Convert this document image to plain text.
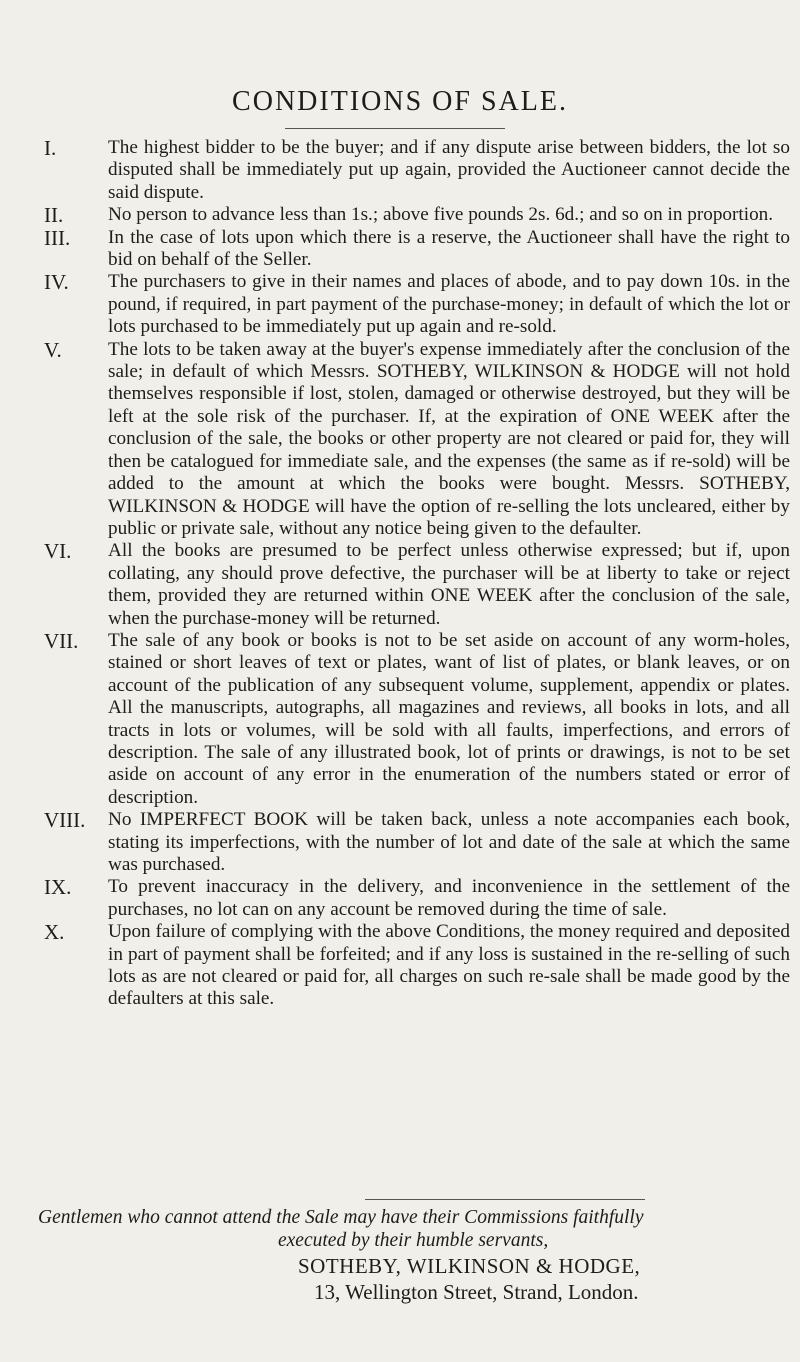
CONDITIONS OF SALE.
I.	The highest bidder to be the buyer; and if any dispute arise between bidders, the lot so disputed shall be immediately put up again, provided the Auctioneer cannot decide the said dispute.
II.	No person to advance less than 1s.; above five pounds 2s. 6d.; and so on in proportion.
III.	In the case of lots upon which there is a reserve, the Auctioneer shall have the right to bid on behalf of the Seller.
IV.	The purchasers to give in their names and places of abode, and to pay down 10s. in the pound, if required, in part payment of the purchase-money; in default of which the lot or lots purchased to be immediately put up again and re-sold.
V.	The lots to be taken away at the buyer's expense immediately after the conclusion of the sale; in default of which Messrs. SOTHEBY, WILKINSON & HODGE will not hold themselves responsible if lost, stolen, damaged or otherwise destroyed, but they will be left at the sole risk of the purchaser. If, at the expiration of ONE WEEK after the conclusion of the sale, the books or other property are not cleared or paid for, they will then be catalogued for immediate sale, and the expenses (the same as if re-sold) will be added to the amount at which the books were bought. Messrs. SOTHEBY, WILKINSON & HODGE will have the option of re-selling the lots uncleared, either by public or private sale, without any notice being given to the defaulter.
VI.	All the books are presumed to be perfect unless otherwise expressed; but if, upon collating, any should prove defective, the purchaser will be at liberty to take or reject them, provided they are returned within ONE WEEK after the conclusion of the sale, when the purchase-money will be returned.
VII.	The sale of any book or books is not to be set aside on account of any worm-holes, stained or short leaves of text or plates, want of list of plates, or blank leaves, or on account of the publication of any subsequent volume, supplement, appendix or plates. All the manuscripts, autographs, all magazines and reviews, all books in lots, and all tracts in lots or volumes, will be sold with all faults, imperfections, and errors of description. The sale of any illustrated book, lot of prints or drawings, is not to be set aside on account of any error in the enumeration of the numbers stated or error of description.
VIII.	No IMPERFECT BOOK will be taken back, unless a note accompanies each book, stating its imperfections, with the number of lot and date of the sale at which the same was purchased.
IX.	To prevent inaccuracy in the delivery, and inconvenience in the settlement of the purchases, no lot can on any account be removed during the time of sale.
X.	Upon failure of complying with the above Conditions, the money required and deposited in part of payment shall be forfeited; and if any loss is sustained in the re-selling of such lots as are not cleared or paid for, all charges on such re-sale shall be made good by the defaulters at this sale.

Gentlemen who cannot attend the Sale may have their Commissions faithfully
executed by their humble servants,

SOTHEBY, WILKINSON & HODGE,
13, Wellington Street, Strand, London.
